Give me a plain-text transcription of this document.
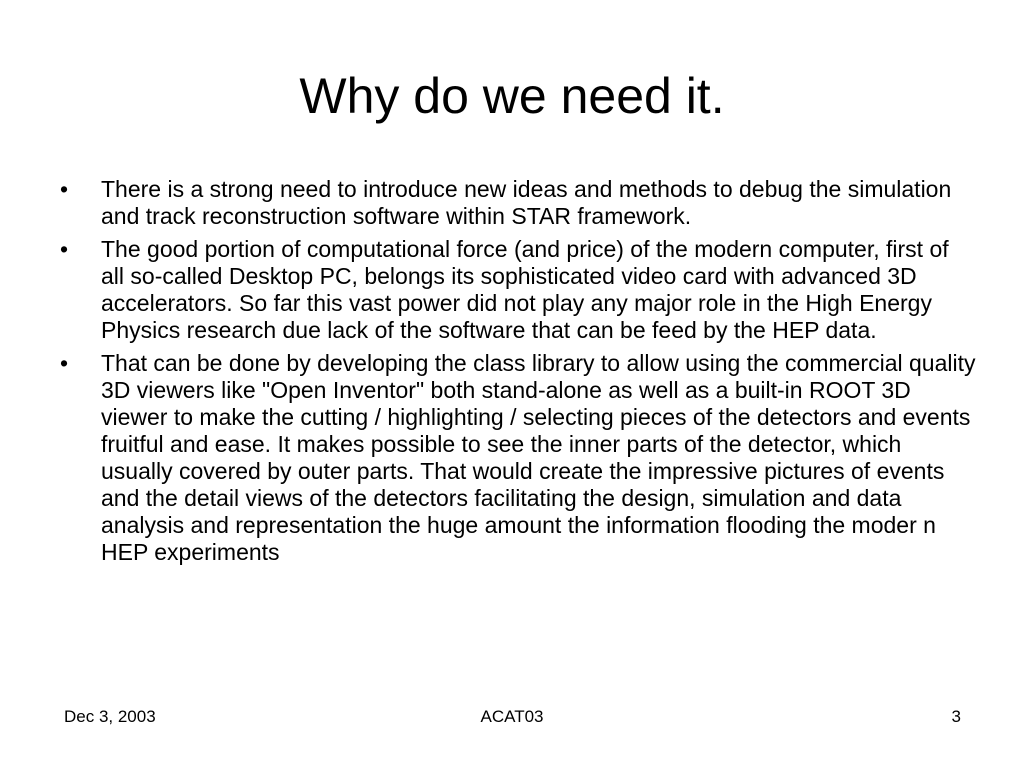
Why do we need it.
• There is a strong need to introduce new ideas and methods to debug the simulation and track reconstruction software within STAR framework.
• The good portion of computational force (and price) of the modern computer, first of all so-called Desktop PC, belongs its sophisticated video card with advanced 3D accelerators. So far this vast power did not play any major role in the High Energy Physics research due lack of the software that can be feed by the HEP data.
• That can be done by developing the class library to allow using the commercial quality 3D viewers like "Open Inventor" both stand-alone as well as a built-in ROOT 3D viewer to make the cutting / highlighting / selecting pieces of the detectors and events fruitful and ease. It makes possible to see the inner parts of the detector, which usually covered by outer parts. That would create the impressive pictures of events and the detail views of the detectors facilitating the design, simulation and data analysis and representation the huge amount the information flooding the moder n HEP experiments
Dec 3, 2003	ACAT03	3
